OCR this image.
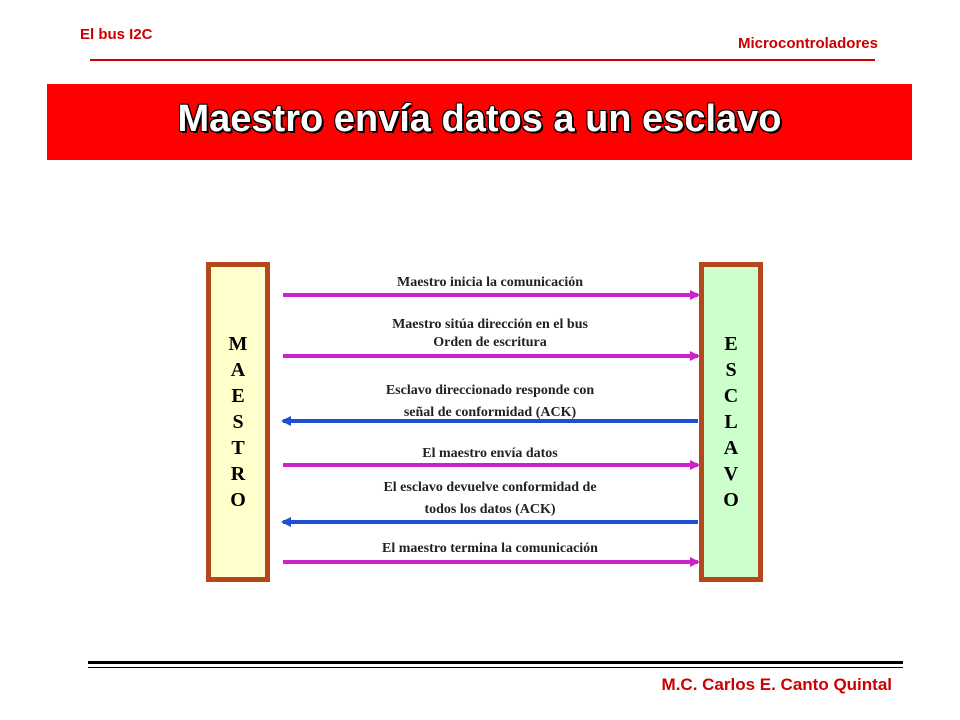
El bus I2C
Microcontroladores
Maestro envía datos a un esclavo
M
A
E
S
T
R
O
E
S
C
L
A
V
O
Maestro inicia la comunicación
Maestro sitúa dirección en el bus
Orden de escritura
Esclavo direccionado responde con
señal de conformidad (ACK)
El maestro envía datos
El esclavo devuelve conformidad de
todos los datos (ACK)
El maestro termina la comunicación
M.C. Carlos E. Canto Quintal
